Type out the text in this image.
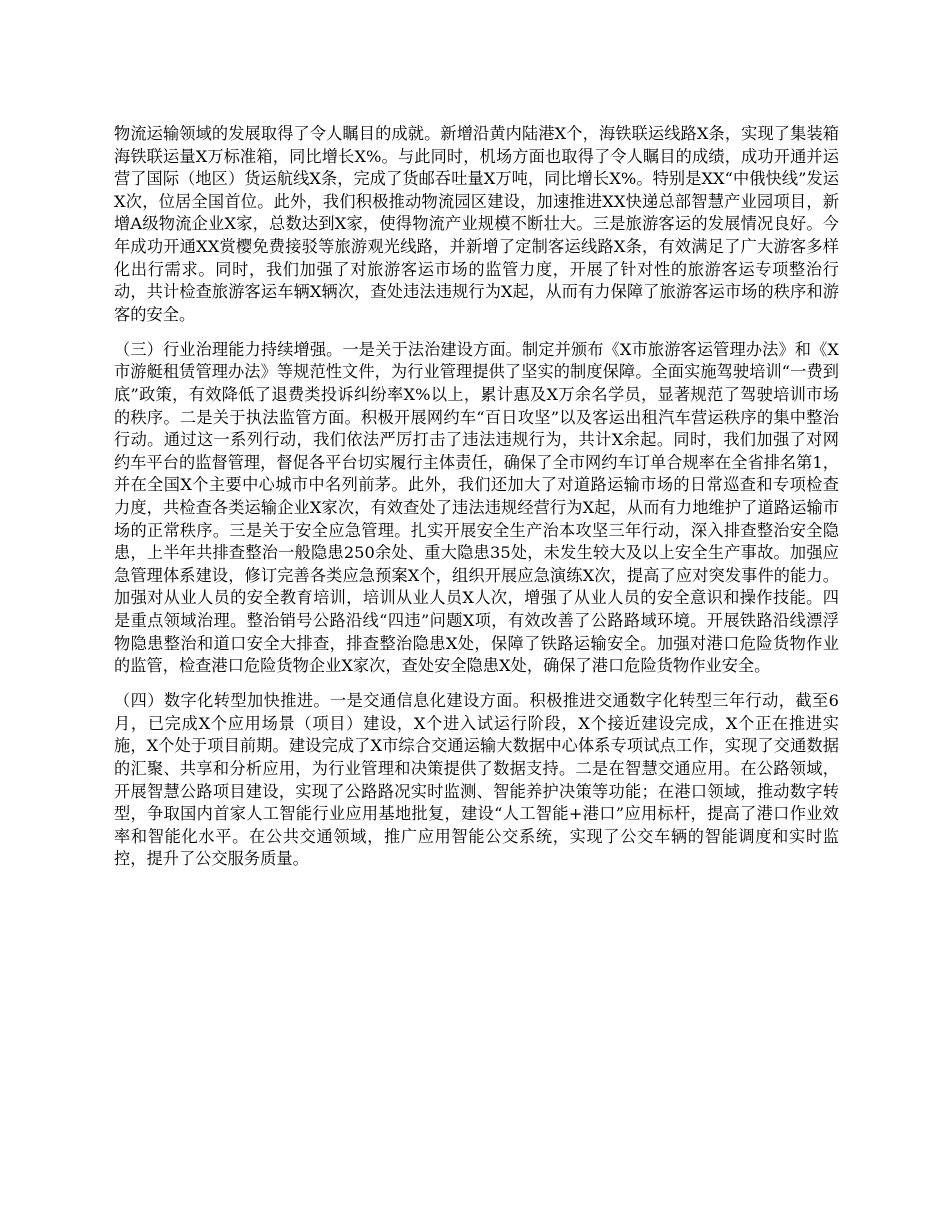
物流运输领域的发展取得了令人瞩目的成就。新增沿黄内陆港X个，海铁联运线路X条，实现了集装箱海铁联运量X万标准箱，同比增长X%。与此同时，机场方面也取得了令人瞩目的成绩，成功开通并运营了国际（地区）货运航线X条，完成了货邮吞吐量X万吨，同比增长X%。特别是XX“中俄快线”发运X次，位居全国首位。此外，我们积极推动物流园区建设，加速推进XX快递总部智慧产业园项目，新增A级物流企业X家，总数达到X家，使得物流产业规模不断壮大。三是旅游客运的发展情况良好。今年成功开通XX赏樱免费接驳等旅游观光线路，并新增了定制客运线路X条，有效满足了广大游客多样化出行需求。同时，我们加强了对旅游客运市场的监管力度，开展了针对性的旅游客运专项整治行动，共计检查旅游客运车辆X辆次，查处违法违规行为X起，从而有力保障了旅游客运市场的秩序和游客的安全。

（三）行业治理能力持续增强。一是关于法治建设方面。制定并颁布《X市旅游客运管理办法》和《X市游艇租赁管理办法》等规范性文件，为行业管理提供了坚实的制度保障。全面实施驾驶培训“一费到底”政策，有效降低了退费类投诉纠纷率X%以上，累计惠及X万余名学员，显著规范了驾驶培训市场的秩序。二是关于执法监管方面。积极开展网约车“百日攻坚”以及客运出租汽车营运秩序的集中整治行动。通过这一系列行动，我们依法严厉打击了违法违规行为，共计X余起。同时，我们加强了对网约车平台的监督管理，督促各平台切实履行主体责任，确保了全市网约车订单合规率在全省排名第1，并在全国X个主要中心城市中名列前茅。此外，我们还加大了对道路运输市场的日常巡查和专项检查力度，共检查各类运输企业X家次，有效查处了违法违规经营行为X起，从而有力地维护了道路运输市场的正常秩序。三是关于安全应急管理。扎实开展安全生产治本攻坚三年行动，深入排查整治安全隐患，上半年共排查整治一般隐患250余处、重大隐患35处，未发生较大及以上安全生产事故。加强应急管理体系建设，修订完善各类应急预案X个，组织开展应急演练X次，提高了应对突发事件的能力。加强对从业人员的安全教育培训，培训从业人员X人次，增强了从业人员的安全意识和操作技能。四是重点领域治理。整治销号公路沿线“四违”问题X项，有效改善了公路路域环境。开展铁路沿线漂浮物隐患整治和道口安全大排查，排查整治隐患X处，保障了铁路运输安全。加强对港口危险货物作业的监管，检查港口危险货物企业X家次，查处安全隐患X处，确保了港口危险货物作业安全。

（四）数字化转型加快推进。一是交通信息化建设方面。积极推进交通数字化转型三年行动，截至6月，已完成X个应用场景（项目）建设，X个进入试运行阶段，X个接近建设完成，X个正在推进实施，X个处于项目前期。建设完成了X市综合交通运输大数据中心体系专项试点工作，实现了交通数据的汇聚、共享和分析应用，为行业管理和决策提供了数据支持。二是在智慧交通应用。在公路领域，开展智慧公路项目建设，实现了公路路况实时监测、智能养护决策等功能；在港口领域，推动数字转型，争取国内首家人工智能行业应用基地批复，建设“人工智能+港口”应用标杆，提高了港口作业效率和智能化水平。在公共交通领域，推广应用智能公交系统，实现了公交车辆的智能调度和实时监控，提升了公交服务质量。
